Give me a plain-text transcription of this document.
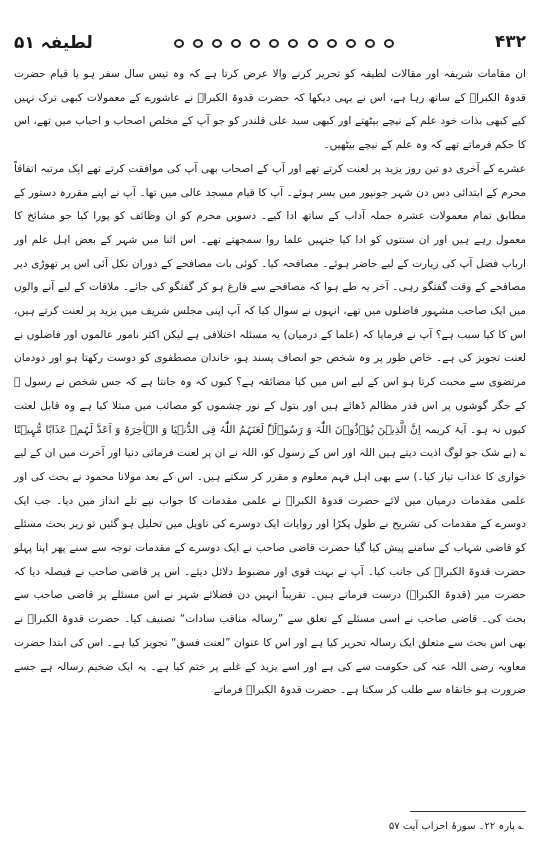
لطیفہ ۵۱	۴۳۲

ان مقامات شریفہ اور مقالات لطیفہ کو تحریر کرنے والا عرض کرتا ہے کہ وہ تیس سال سفر ہو یا قیام حضرت قدوۃ الکبراؒ کے ساتھ رہا ہے، اس نے یہی دیکھا کہ حضرت قدوۃ الکبراؒ نے عاشورے کے معمولات کبھی ترک نہیں کیے کبھی بذات خود علم کے نیچے بیٹھتے اور کبھی سید علی قلندر کو جو آپ کے مخلص اصحاب و احباب میں تھے، اس کا حکم فرماتے تھے کہ وہ علم کے نیچے بیٹھیں۔

عشرے کے آخری دو تین روز یزید پر لعنت کرتے تھے اور آپ کے اصحاب بھی آپ کی موافقت کرتے تھے ایک مرتبہ اتفاقاً محرم کے ابتدائی دس دن شہر جونپور میں بسر ہوئے۔ آپ کا قیام مسجد عالی میں تھا۔ آپ نے اپنے مقررہ دستور کے مطابق تمام معمولات عشرہ جملہ آداب کے ساتھ ادا کیے۔ دسویں محرم کو ان وظائف کو پورا کیا جو مشائخ کا معمول رہے ہیں اور ان سنتوں کو ادا کیا جنہیں علما روا سمجھتے تھے۔ اس اثنا میں شہر کے بعض اہل علم اور ارباب فضل آپ کی زیارت کے لیے حاضر ہوئے۔ مصافحہ کیا۔ کوئی بات مصافحے کے دوران نکل آئی اس پر تھوڑی دیر مصافحے کے وقت گفتگو رہی۔ آخر یہ طے ہوا کہ مصافحے سے فارغ ہو کر گفتگو کی جائے۔ ملاقات کے لیے آنے والوں میں ایک صاحب مشہور فاضلوں میں تھے، انہوں نے سوال کیا کہ آپ اپنی مجلس شریف میں یزید پر لعنت کرتے ہیں، اس کا کیا سبب ہے؟ آپ نے فرمایا کہ (علما کے درمیان) یہ مسئلہ اختلافی ہے لیکن اکثر نامور عالموں اور فاضلوں نے لعنت تجویز کی ہے۔ خاص طور پر وہ شخص جو انصاف پسند ہو، خاندان مصطفوی کو دوست رکھتا ہو اور دودمان مرتضوی سے محبت کرتا ہو اس کے لیے اس میں کیا مضائقہ ہے؟ کیوں کہ وہ جانتا ہے کہ جس شخص نے رسول ﷺ کے جگر گوشوں پر اس قدر مظالم ڈھائے ہیں اور بتول کے نور چشموں کو مصائب میں مبتلا کیا ہے وہ قابل لعنت کیوں نہ ہو۔ آیۂ کریمہ اِنَّ الَّذِیۡنَ یُؤۡذُوۡنَ اللّٰہَ وَ رَسُوۡلَہٗ لَعَنَہُمُ اللّٰہُ فِی الدُّنۡیَا وَ الۡاٰخِرَۃِ وَ اَعَدَّ لَہُمۡ عَذَابًا مُّہِیۡنًا ؎ (بے شک جو لوگ اذیت دیتے ہیں اللہ اور اس کے رسول کو، اللہ نے ان پر لعنت فرمائی دنیا اور آخرت میں ان کے لیے خواری کا عذاب تیار کیا۔) سے بھی اہل فہم معلوم و مقرر کر سکتے ہیں۔ اس کے بعد مولانا محمود نے بحث کی اور علمی مقدمات درمیان میں لائے حضرت قدوۃ الکبراؒ نے علمی مقدمات کا جواب نپے تلے انداز میں دیا۔ جب ایک دوسرے کے مقدمات کی تشریح نے طول پکڑا اور روایات ایک دوسرے کی تاویل میں تحلیل ہو گئیں تو زیر بحث مسئلے کو قاضی شہاب کے سامنے پیش کیا گیا حضرت قاضی صاحب نے ایک دوسرے کے مقدمات توجہ سے سنے پھر اپنا پہلو حضرت قدوۃ الکبراؒ کی جانب کیا۔ آپ نے بہت قوی اور مضبوط دلائل دیئے۔ اس پر قاضی صاحب نے فیصلہ دیا کہ حضرت میر (قدوۃ الکبراؒ) درست فرماتے ہیں۔ تقریباً انہیں دن فضلائے شہر نے اس مسئلے پر قاضی صاحب سے بحث کی۔ قاضی صاحب نے اسی مسئلے کے تعلق سے ”رسالہ مناقب سادات“ تصنیف کیا۔ حضرت قدوۃ الکبراؒ نے بھی اس بحث سے متعلق ایک رسالہ تحریر کیا ہے اور اس کا عنوان ”لعنت فسق“ تجویز کیا ہے۔ اس کی ابتدا حضرت معاویہ رضی اللہ عنہ کی حکومت سے کی ہے اور اسے یزید کے غلبے پر ختم کیا ہے۔ یہ ایک ضخیم رسالہ ہے جسے ضرورت ہو خانقاہ سے طلب کر سکتا ہے۔ حضرت قدوۃ الکبراؒ فرماتے

؎ پارہ ۲۲۔ سورۂ احزاب آیت ۵۷
